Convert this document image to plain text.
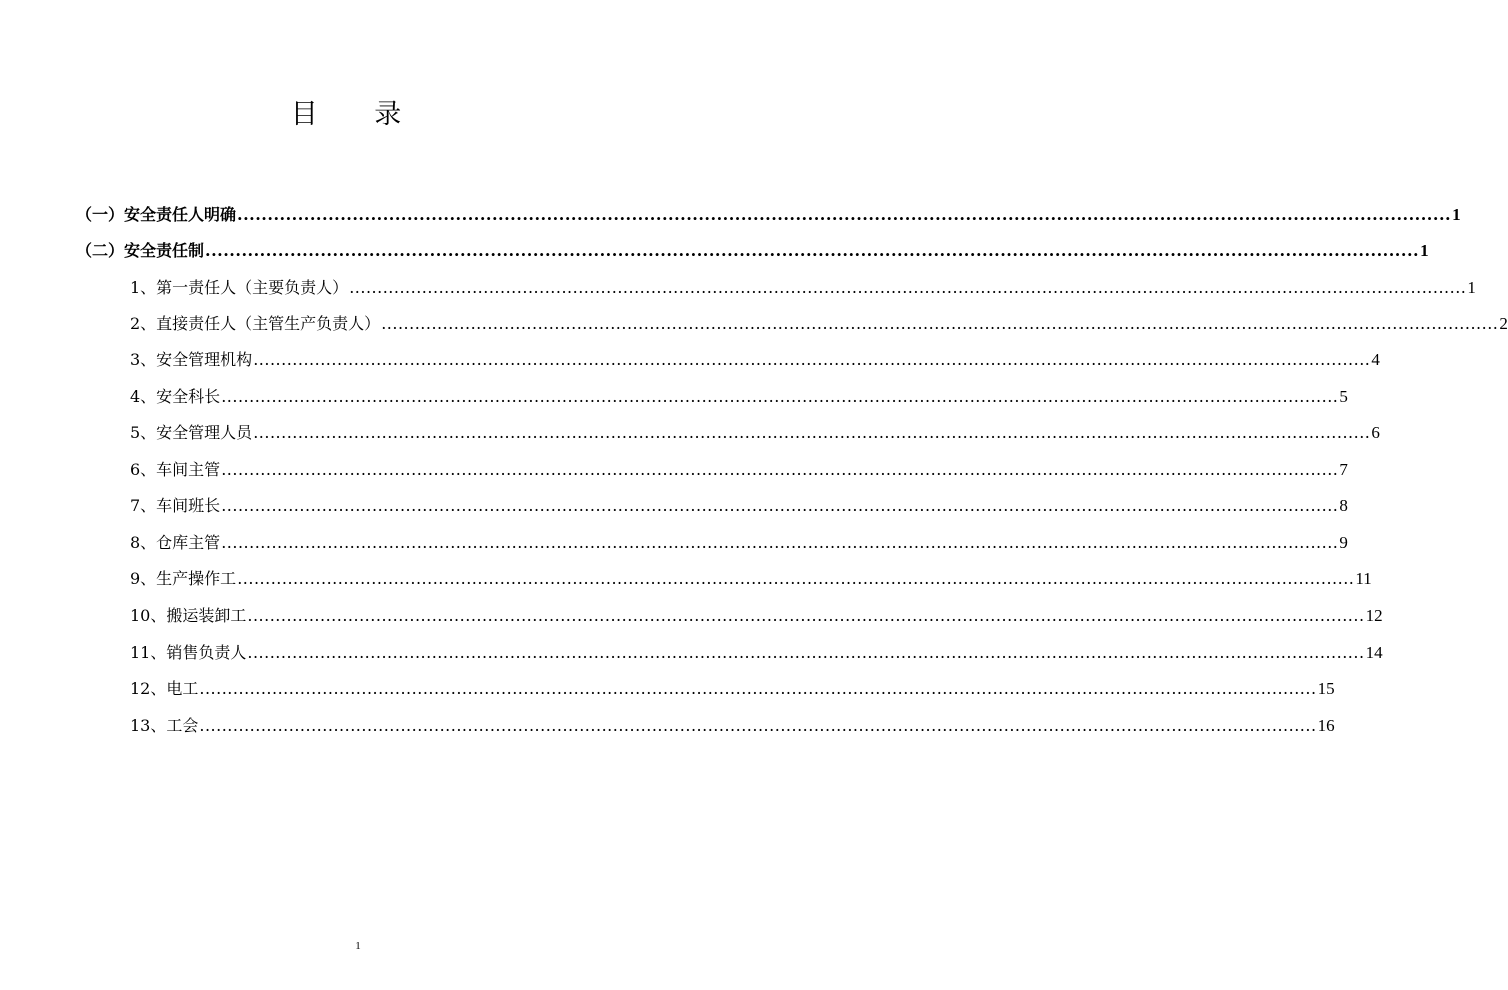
目 录
（一）安全责任人明确 ........................................................................................................................................................................................................ 1
（二）安全责任制 ........................................................................................................................................................................................................ 1
1、第一责任人（主要负责人） ........................................................................................................................................................................................................ 1
2、直接责任人（主管生产负责人） ........................................................................................................................................................................................................ 2
3、安全管理机构 ........................................................................................................................................................................................................ 4
4、安全科长 ........................................................................................................................................................................................................ 5
5、安全管理人员 ........................................................................................................................................................................................................ 6
6、车间主管 ........................................................................................................................................................................................................ 7
7、车间班长 ........................................................................................................................................................................................................ 8
8、仓库主管 ........................................................................................................................................................................................................ 9
9、生产操作工 ........................................................................................................................................................................................................ 11
10、搬运装卸工 ........................................................................................................................................................................................................ 12
11、销售负责人 ........................................................................................................................................................................................................ 14
12、电工 ........................................................................................................................................................................................................ 15
13、工会 ........................................................................................................................................................................................................ 16
1
